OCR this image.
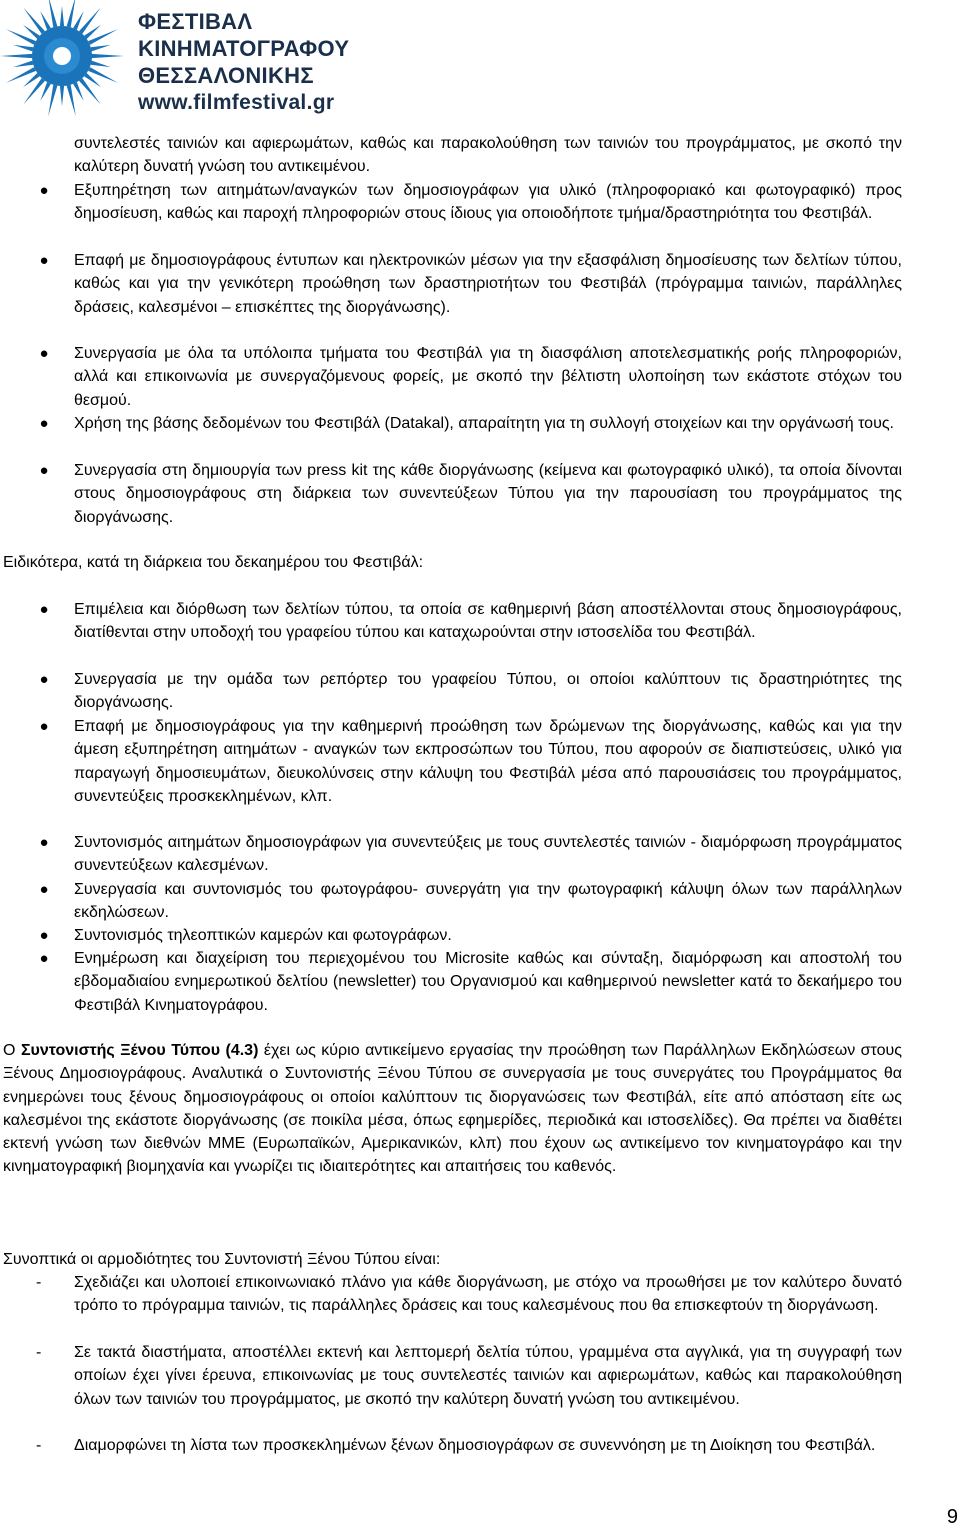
ΦΕΣΤΙΒΑΛ
ΚΙΝΗΜΑΤΟΓΡΑΦΟΥ
ΘΕΣΣΑΛΟΝΙΚΗΣ
www.filmfestival.gr
συντελεστές ταινιών και αφιερωμάτων, καθώς και παρακολούθηση των ταινιών του προγράμματος, με σκοπό την καλύτερη δυνατή γνώση του αντικειμένου.
● Εξυπηρέτηση των αιτημάτων/αναγκών των δημοσιογράφων για υλικό (πληροφοριακό και φωτογραφικό) προς δημοσίευση, καθώς και παροχή πληροφοριών στους ίδιους για οποιοδήποτε τμήμα/δραστηριότητα του Φεστιβάλ.
● Επαφή με δημοσιογράφους έντυπων και ηλεκτρονικών μέσων για την εξασφάλιση δημοσίευσης των δελτίων τύπου, καθώς και για την γενικότερη προώθηση των δραστηριοτήτων του Φεστιβάλ (πρόγραμμα ταινιών, παράλληλες δράσεις, καλεσμένοι – επισκέπτες της διοργάνωσης).
● Συνεργασία με όλα τα υπόλοιπα τμήματα του Φεστιβάλ για τη διασφάλιση αποτελεσματικής ροής πληροφοριών, αλλά και επικοινωνία με συνεργαζόμενους φορείς, με σκοπό την βέλτιστη υλοποίηση των εκάστοτε στόχων του θεσμού.
● Χρήση της βάσης δεδομένων του Φεστιβάλ (Datakal), απαραίτητη για τη συλλογή στοιχείων και την οργάνωσή τους.
● Συνεργασία στη δημιουργία των press kit της κάθε διοργάνωσης (κείμενα και φωτογραφικό υλικό), τα οποία δίνονται στους δημοσιογράφους στη διάρκεια των συνεντεύξεων Τύπου για την παρουσίαση του προγράμματος της διοργάνωσης.
Ειδικότερα, κατά τη διάρκεια του δεκαημέρου του Φεστιβάλ:
● Επιμέλεια και διόρθωση των δελτίων τύπου, τα οποία σε καθημερινή βάση αποστέλλονται στους δημοσιογράφους, διατίθενται στην υποδοχή του γραφείου τύπου και καταχωρούνται στην ιστοσελίδα του Φεστιβάλ.
● Συνεργασία με την ομάδα των ρεπόρτερ του γραφείου Τύπου, οι οποίοι καλύπτουν τις δραστηριότητες της διοργάνωσης.
● Επαφή με δημοσιογράφους για την καθημερινή προώθηση των δρώμενων της διοργάνωσης, καθώς και για την άμεση εξυπηρέτηση αιτημάτων - αναγκών των εκπροσώπων του Τύπου, που αφορούν σε διαπιστεύσεις, υλικό για παραγωγή δημοσιευμάτων, διευκολύνσεις στην κάλυψη του Φεστιβάλ μέσα από παρουσιάσεις του προγράμματος, συνεντεύξεις προσκεκλημένων, κλπ.
● Συντονισμός αιτημάτων δημοσιογράφων για συνεντεύξεις με τους συντελεστές ταινιών - διαμόρφωση προγράμματος συνεντεύξεων καλεσμένων.
● Συνεργασία και συντονισμός του φωτογράφου- συνεργάτη για την φωτογραφική κάλυψη όλων των παράλληλων εκδηλώσεων.
● Συντονισμός τηλεοπτικών καμερών και φωτογράφων.
● Ενημέρωση και διαχείριση του περιεχομένου του Microsite καθώς και σύνταξη, διαμόρφωση και αποστολή του εβδομαδιαίου ενημερωτικού δελτίου (newsletter) του Οργανισμού και καθημερινού newsletter κατά το δεκαήμερο του Φεστιβάλ Κινηματογράφου.
Ο Συντονιστής Ξένου Τύπου (4.3) έχει ως κύριο αντικείμενο εργασίας την προώθηση των Παράλληλων Εκδηλώσεων στους Ξένους Δημοσιογράφους. Αναλυτικά ο Συντονιστής Ξένου Τύπου σε συνεργασία με τους συνεργάτες του Προγράμματος θα ενημερώνει τους ξένους δημοσιογράφους οι οποίοι καλύπτουν τις διοργανώσεις των Φεστιβάλ, είτε από απόσταση είτε ως καλεσμένοι της εκάστοτε διοργάνωσης (σε ποικίλα μέσα, όπως εφημερίδες, περιοδικά και ιστοσελίδες). Θα πρέπει να διαθέτει εκτενή γνώση των διεθνών ΜΜΕ (Ευρωπαϊκών, Αμερικανικών, κλπ) που έχουν ως αντικείμενο τον κινηματογράφο και την κινηματογραφική βιομηχανία και γνωρίζει τις ιδιαιτερότητες και απαιτήσεις του καθενός.
Συνοπτικά οι αρμοδιότητες του Συντονιστή Ξένου Τύπου είναι:
- Σχεδιάζει και υλοποιεί επικοινωνιακό πλάνο για κάθε διοργάνωση, με στόχο να προωθήσει με τον καλύτερο δυνατό τρόπο το πρόγραμμα ταινιών, τις παράλληλες δράσεις και τους καλεσμένους που θα επισκεφτούν τη διοργάνωση.
- Σε τακτά διαστήματα, αποστέλλει εκτενή και λεπτομερή δελτία τύπου, γραμμένα στα αγγλικά, για τη συγγραφή των οποίων έχει γίνει έρευνα, επικοινωνίας με τους συντελεστές ταινιών και αφιερωμάτων, καθώς και παρακολούθηση όλων των ταινιών του προγράμματος, με σκοπό την καλύτερη δυνατή γνώση του αντικειμένου.
- Διαμορφώνει τη λίστα των προσκεκλημένων ξένων δημοσιογράφων σε συνεννόηση με τη Διοίκηση του Φεστιβάλ.
9
